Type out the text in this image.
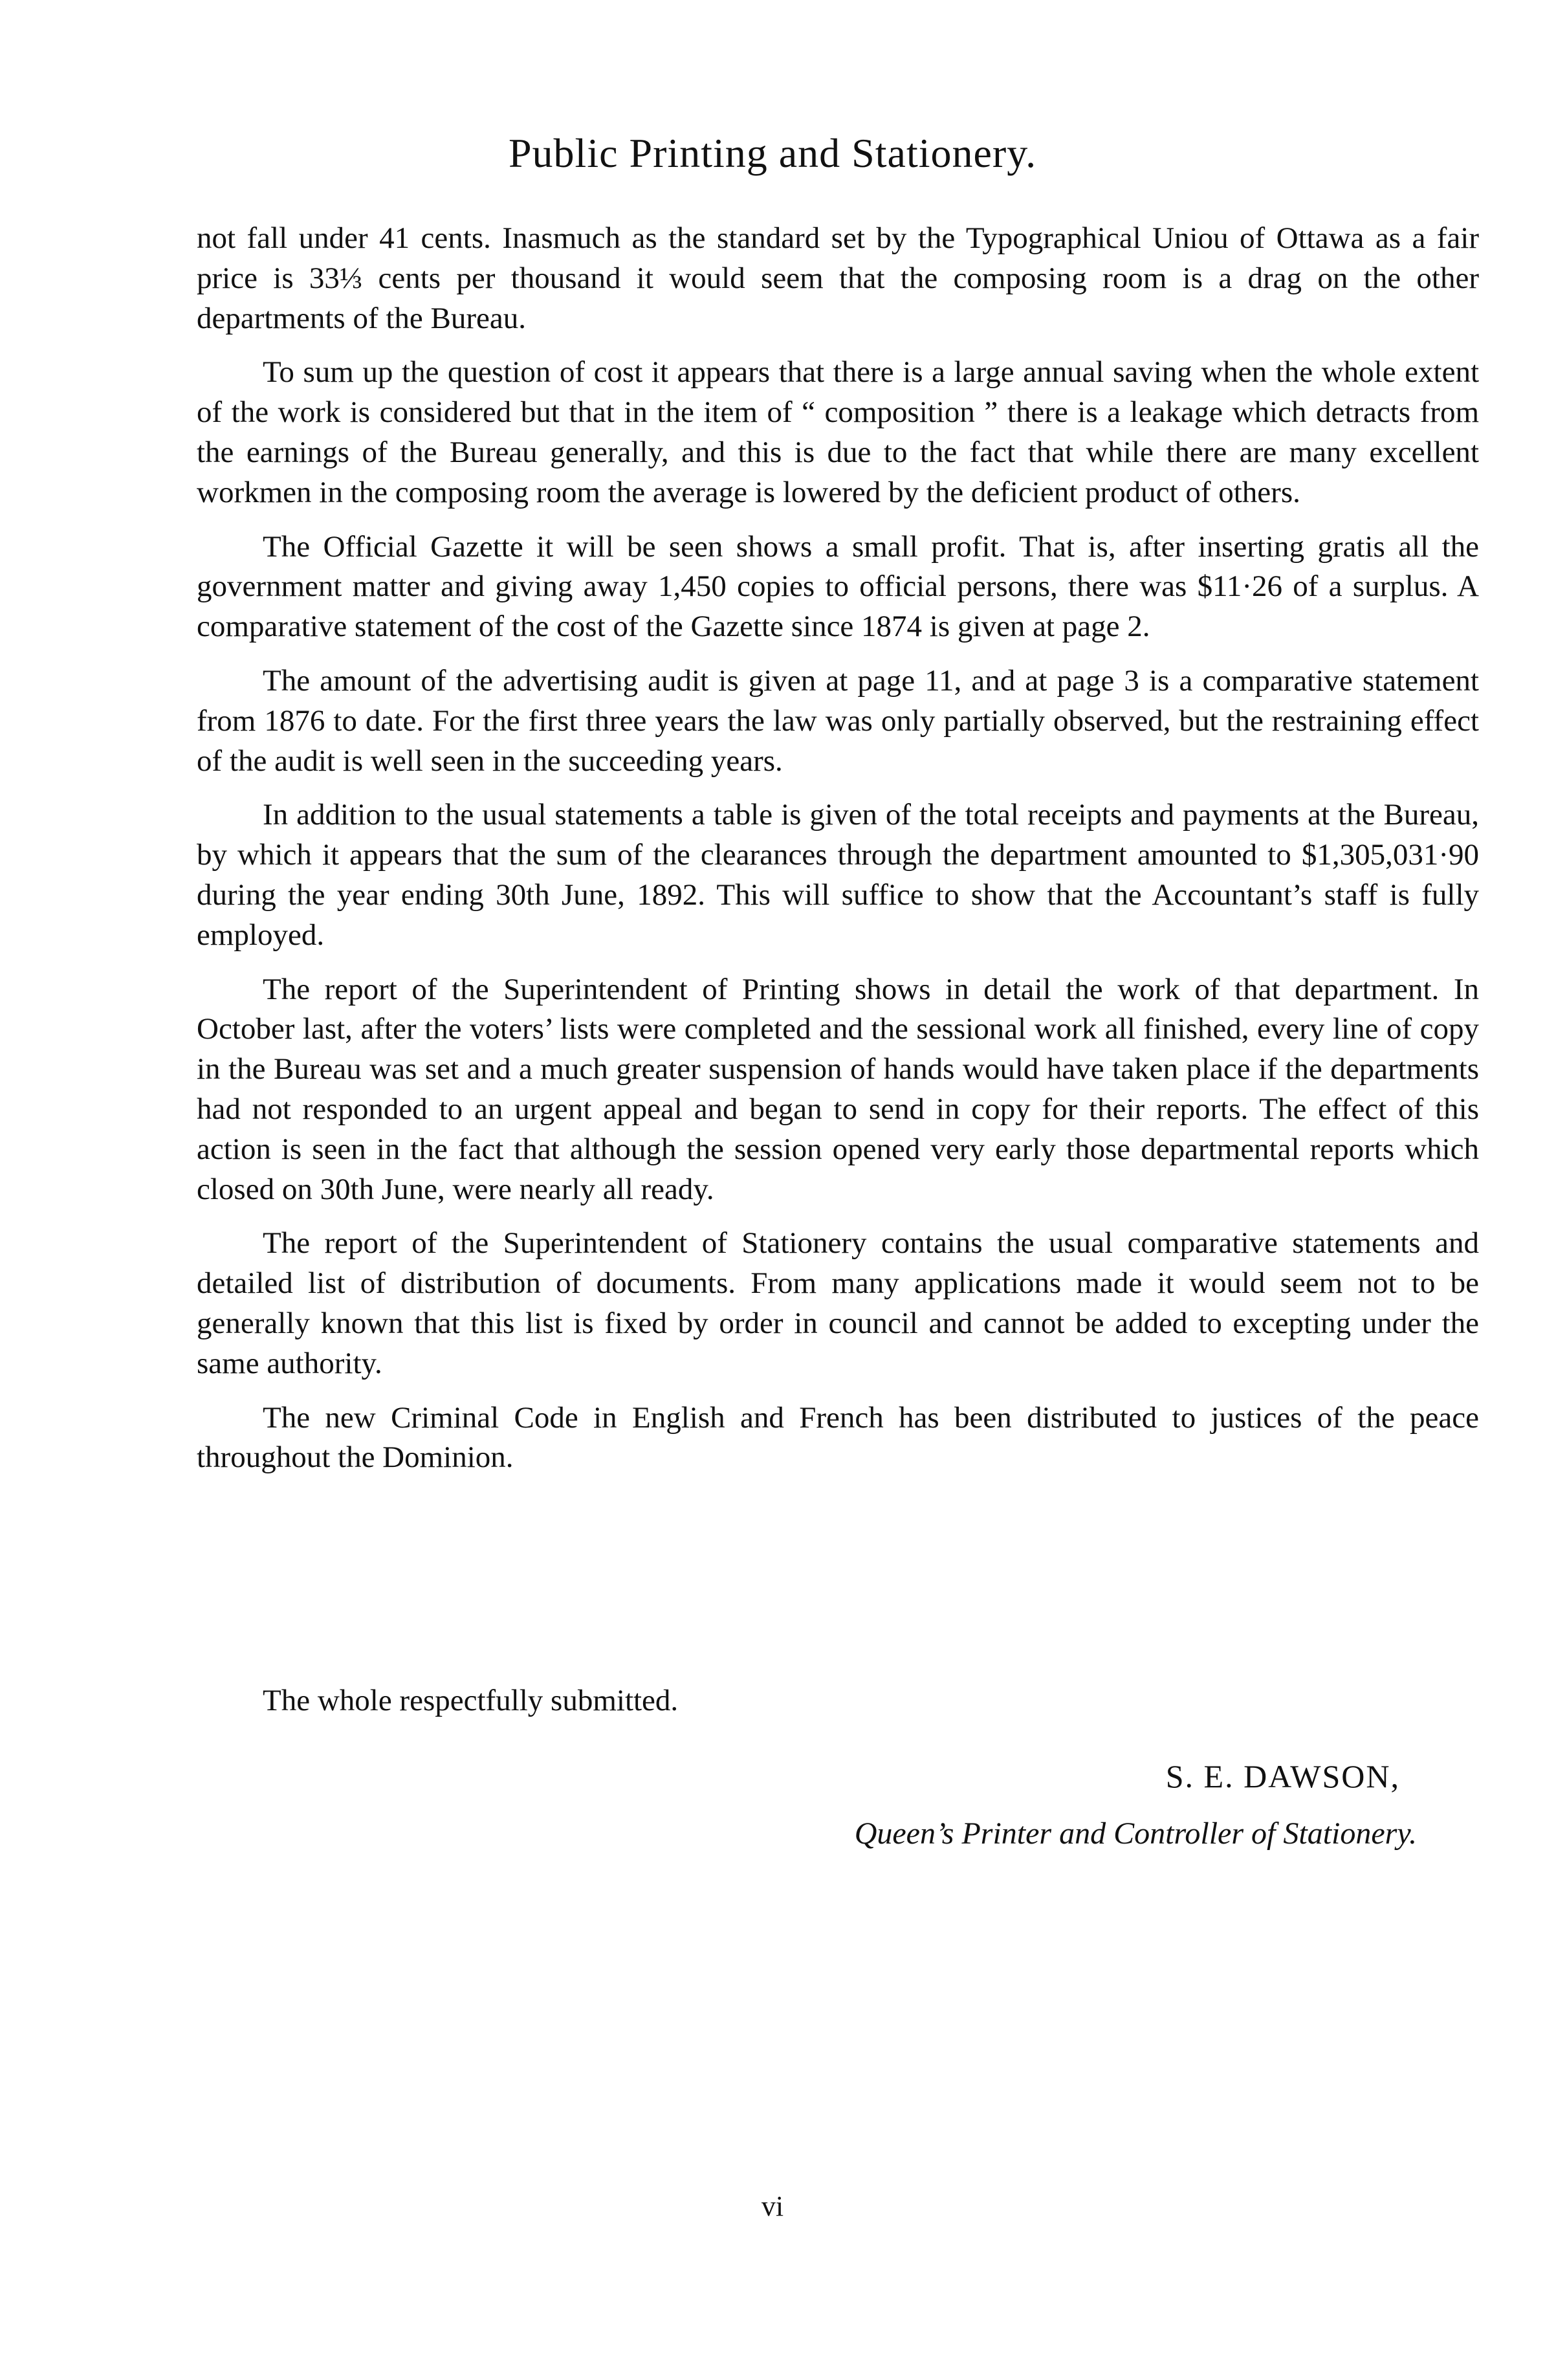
Public Printing and Stationery.

not fall under 41 cents. Inasmuch as the standard set by the Typographical Uniou of Ottawa as a fair price is 33⅓ cents per thousand it would seem that the composing room is a drag on the other departments of the Bureau.

To sum up the question of cost it appears that there is a large annual saving when the whole extent of the work is considered but that in the item of “ composition ” there is a leakage which detracts from the earnings of the Bureau generally, and this is due to the fact that while there are many excellent workmen in the composing room the average is lowered by the deficient product of others.

The Official Gazette it will be seen shows a small profit. That is, after inserting gratis all the government matter and giving away 1,450 copies to official persons, there was $11·26 of a surplus. A comparative statement of the cost of the Gazette since 1874 is given at page 2.

The amount of the advertising audit is given at page 11, and at page 3 is a comparative statement from 1876 to date. For the first three years the law was only partially observed, but the restraining effect of the audit is well seen in the succeeding years.

In addition to the usual statements a table is given of the total receipts and payments at the Bureau, by which it appears that the sum of the clearances through the department amounted to $1,305,031·90 during the year ending 30th June, 1892. This will suffice to show that the Accountant’s staff is fully employed.

The report of the Superintendent of Printing shows in detail the work of that department. In October last, after the voters’ lists were completed and the sessional work all finished, every line of copy in the Bureau was set and a much greater suspension of hands would have taken place if the departments had not responded to an urgent appeal and began to send in copy for their reports. The effect of this action is seen in the fact that although the session opened very early those departmental reports which closed on 30th June, were nearly all ready.

The report of the Superintendent of Stationery contains the usual comparative statements and detailed list of distribution of documents. From many applications made it would seem not to be generally known that this list is fixed by order in council and cannot be added to excepting under the same authority.

The new Criminal Code in English and French has been distributed to justices of the peace throughout the Dominion.

The whole respectfully submitted.
S. E. DAWSON,
Queen’s Printer and Controller of Stationery.
vi
